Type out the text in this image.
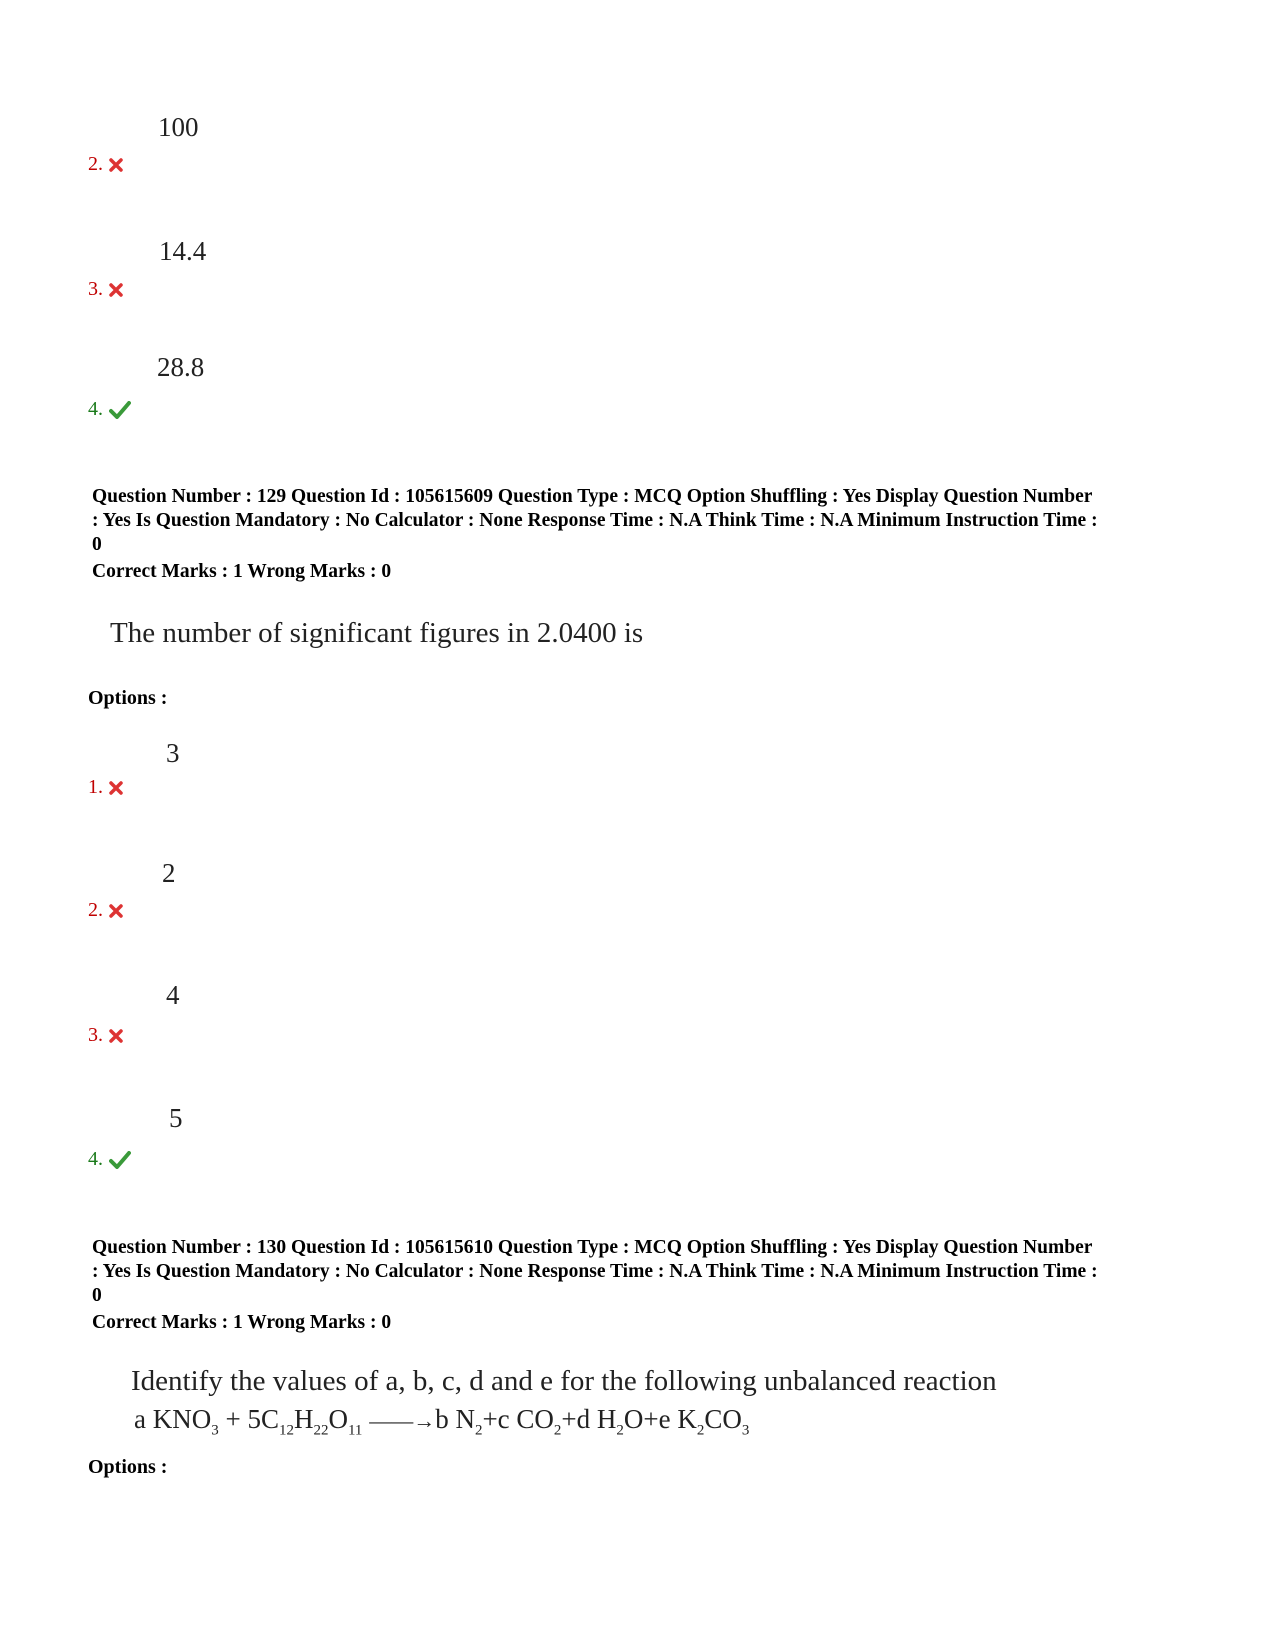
100
2.
14.4
3.
28.8
4.
Question Number : 129 Question Id : 105615609 Question Type : MCQ Option Shuffling : Yes Display Question Number
: Yes Is Question Mandatory : No Calculator : None Response Time : N.A Think Time : N.A Minimum Instruction Time :
0
Correct Marks : 1 Wrong Marks : 0
The number of significant figures in 2.0400 is
Options :
3
1.
2
2.
4
3.
5
4.
Question Number : 130 Question Id : 105615610 Question Type : MCQ Option Shuffling : Yes Display Question Number
: Yes Is Question Mandatory : No Calculator : None Response Time : N.A Think Time : N.A Minimum Instruction Time :
0
Correct Marks : 1 Wrong Marks : 0
Identify the values of a, b, c, d and e for the following unbalanced reaction
a $KNO_3 + 5C_{12}H_{22}O_{11}$ ——→b $N_2+c$ $CO_2+d$ $H_2O+e$ $K_2CO_3$
Options :
